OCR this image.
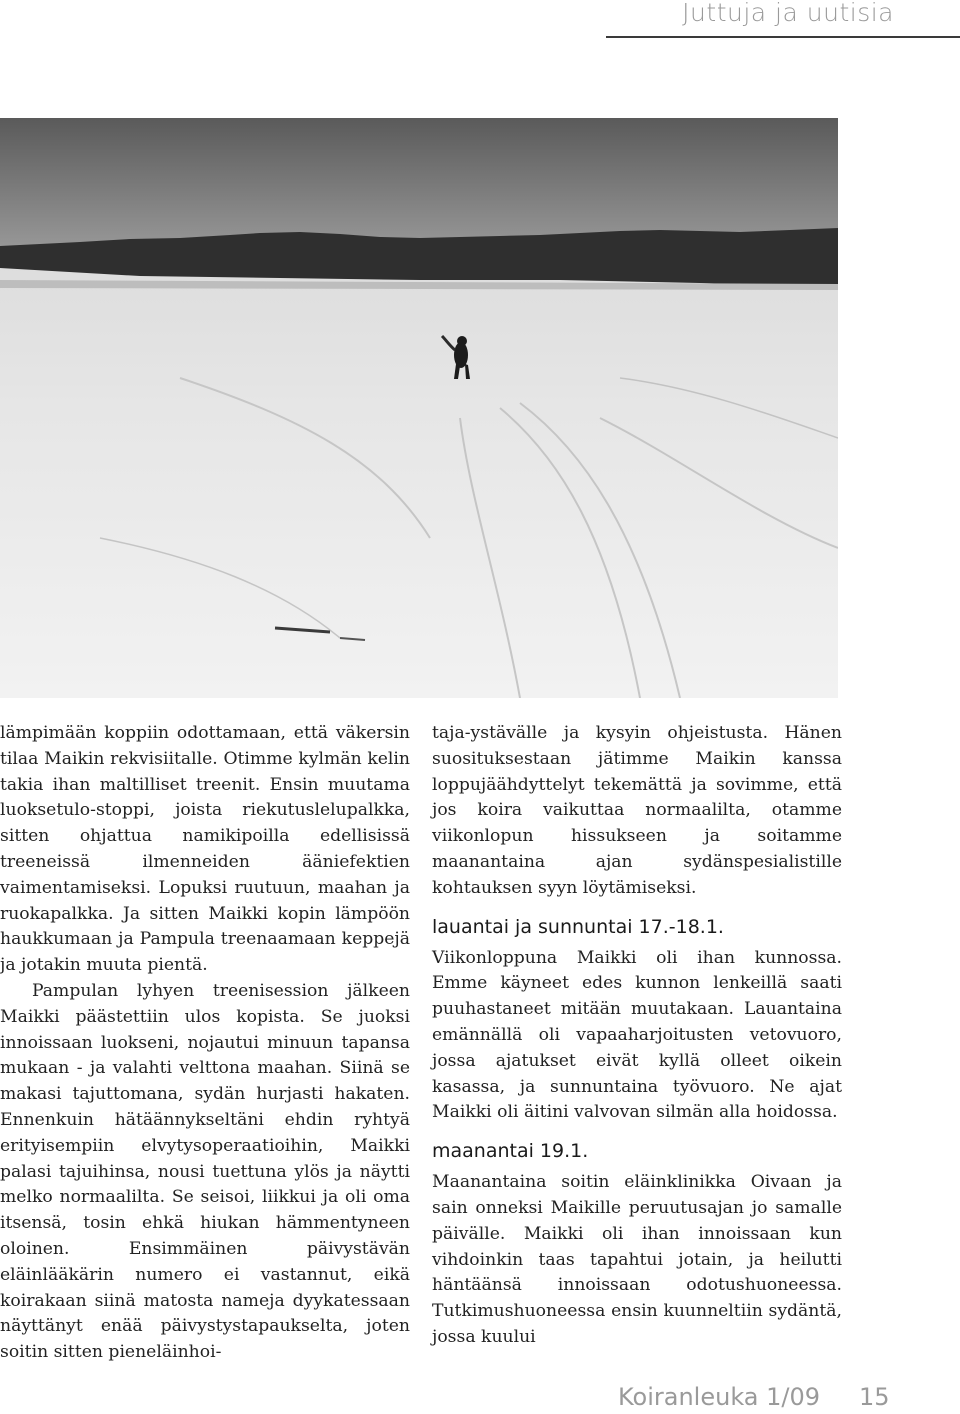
Juttuja ja uutisia

lämpimään koppiin odottamaan, että väkersin tilaa Maikin rekvisiitalle. Otimme kylmän kelin takia ihan maltilliset treenit. Ensin muutama luoksetulo-stoppi, joista riekutuslelupalkka, sitten ohjattua namikipoilla edellisissä treeneissä ilmenneiden ääniefektien vaimentamiseksi. Lopuksi ruutuun, maahan ja ruokapalkka. Ja sitten Maikki kopin lämpöön haukkumaan ja Pampula treenaamaan keppejä ja jotakin muuta pientä.

Pampulan lyhyen treenisession jälkeen Maikki päästettiin ulos kopista. Se juoksi innoissaan luokseni, nojautui minuun tapansa mukaan - ja valahti velttona maahan. Siinä se makasi tajuttomana, sydän hurjasti hakaten. Ennenkuin hätäännykseltäni ehdin ryhtyä erityisempiin elvytysoperaatioihin, Maikki palasi tajuihinsa, nousi tuettuna ylös ja näytti melko normaalilta. Se seisoi, liikkui ja oli oma itsensä, tosin ehkä hiukan hämmentyneen oloinen. Ensimmäinen päivystävän eläinlääkärin numero ei vastannut, eikä koirakaan siinä matosta nameja dyykatessaan näyttänyt enää päivystystapaukselta, joten soitin sitten pieneläinhoi-

taja-ystävälle ja kysyin ohjeistusta. Hänen suosituksestaan jätimme Maikin kanssa loppujäähdyttelyt tekemättä ja sovimme, että jos koira vaikuttaa normaalilta, otamme viikonlopun hissukseen ja soitamme maanantaina ajan sydänspesialistille kohtauksen syyn löytämiseksi.

lauantai ja sunnuntai 17.-18.1.

Viikonloppuna Maikki oli ihan kunnossa. Emme käyneet edes kunnon lenkeillä saati puuhastaneet mitään muutakaan. Lauantaina emännällä oli vapaaharjoitusten vetovuoro, jossa ajatukset eivät kyllä olleet oikein kasassa, ja sunnuntaina työvuoro. Ne ajat Maikki oli äitini valvovan silmän alla hoidossa.

maanantai 19.1.

Maanantaina soitin eläinklinikka Oivaan ja sain onneksi Maikille peruutusajan jo samalle päivälle. Maikki oli ihan innoissaan kun vihdoinkin taas tapahtui jotain, ja heilutti häntäänsä innoissaan odotushuoneessa. Tutkimushuoneessa ensin kuunneltiin sydäntä, jossa kuului

Koiranleuka 1/09 15
